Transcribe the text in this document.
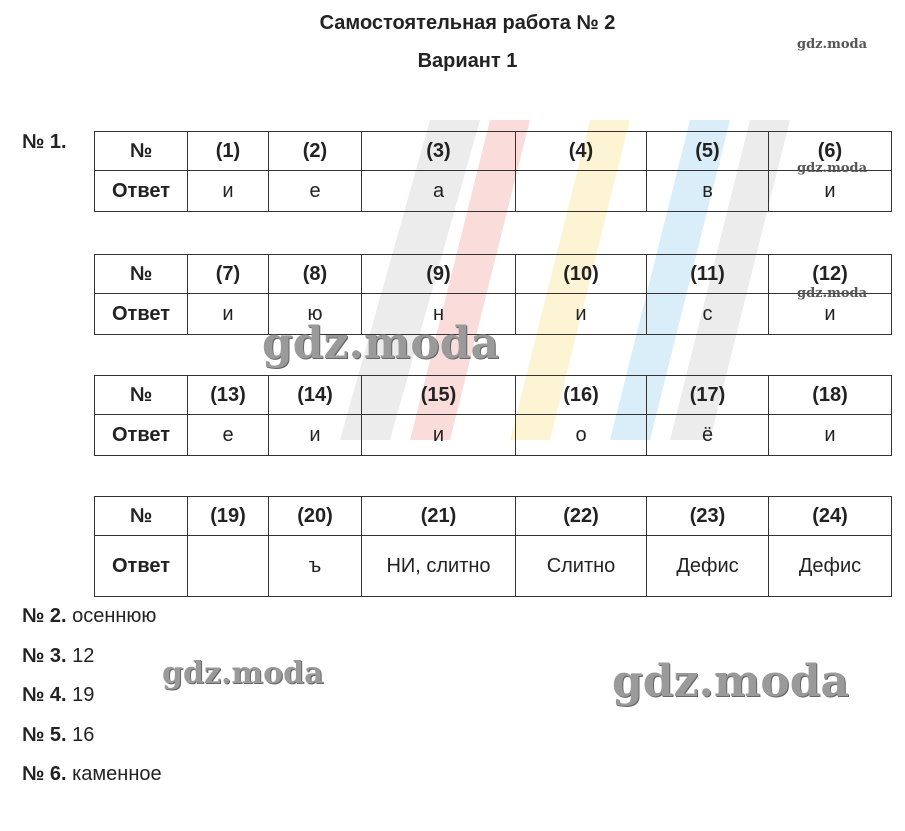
Самостоятельная работа № 2
Вариант 1
№ 1.	№	(1)	(2)	(3)	(4)	(5)	(6)
Ответ	и	е	а		в	и
№	(7)	(8)	(9)	(10)	(11)	(12)
Ответ	и	ю	н	и	с	и
№	(13)	(14)	(15)	(16)	(17)	(18)
Ответ	е	и	и	о	ё	и
№	(19)	(20)	(21)	(22)	(23)	(24)
Ответ		ъ	НИ, слитно	Слитно	Дефис	Дефис
№ 2. осеннюю
№ 3. 12
№ 4. 19
№ 5. 16
№ 6. каменное
gdz.moda
gdz.moda
gdz.moda
gdz.moda
gdz.moda	gdz.moda
